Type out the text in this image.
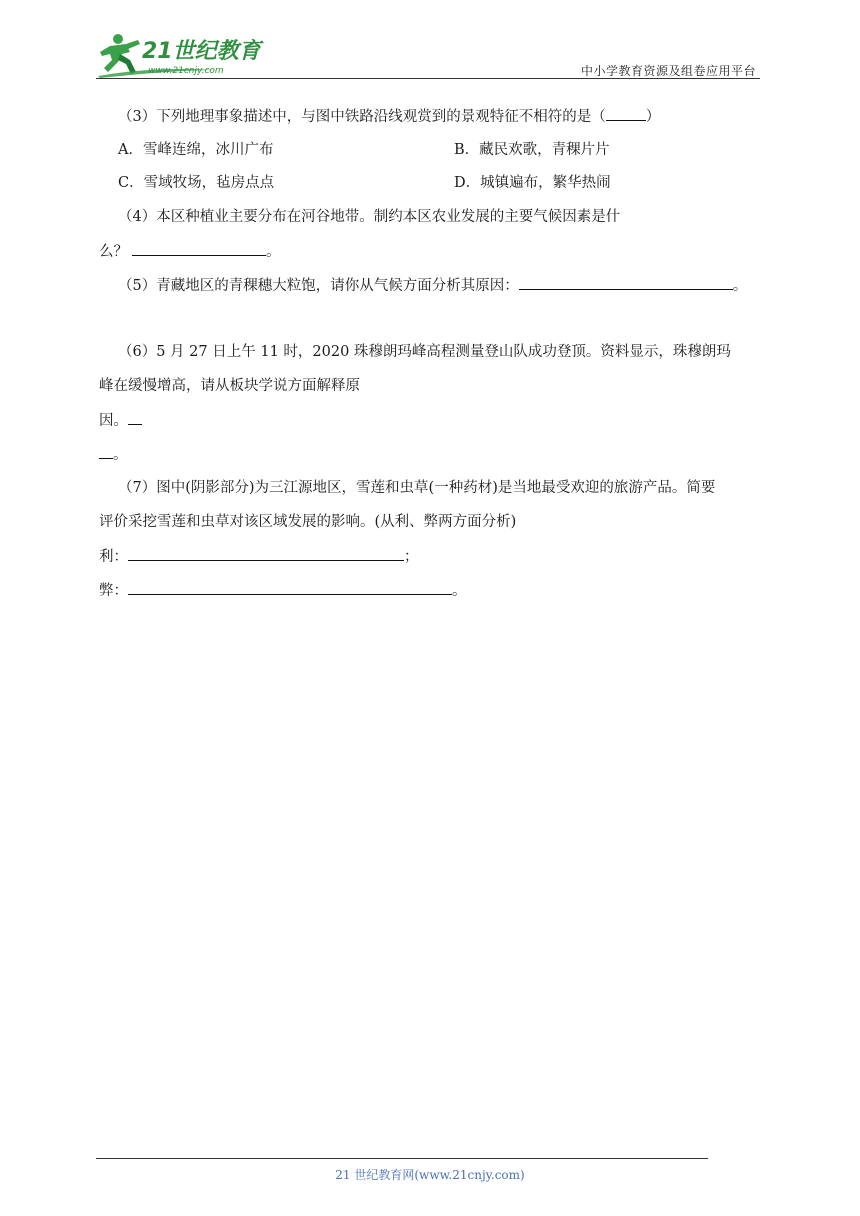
21世纪教育
www.21cnjy.com	中小学教育资源及组卷应用平台
（3）下列地理事象描述中，与图中铁路沿线观赏到的景观特征不相符的是（	）
A．雪峰连绵，冰川广布	B．藏民欢歌，青稞片片
C．雪域牧场，毡房点点	D．城镇遍布，繁华热闹
（4）本区种植业主要分布在河谷地带。制约本区农业发展的主要气候因素是什
么？	。
（5）青藏地区的青稞穗大粒饱，请你从气候方面分析其原因：	。
（6）5 月 27 日上午 11 时，2020 珠穆朗玛峰高程测量登山队成功登顶。资料显示，珠穆朗玛
峰在缓慢增高，请从板块学说方面解释原
因。
。
（7）图中(阴影部分)为三江源地区，雪莲和虫草(一种药材)是当地最受欢迎的旅游产品。简要
评价采挖雪莲和虫草对该区域发展的影响。(从利、弊两方面分析)
利：	；
弊：	。
21 世纪教育网(www.21cnjy.com)
